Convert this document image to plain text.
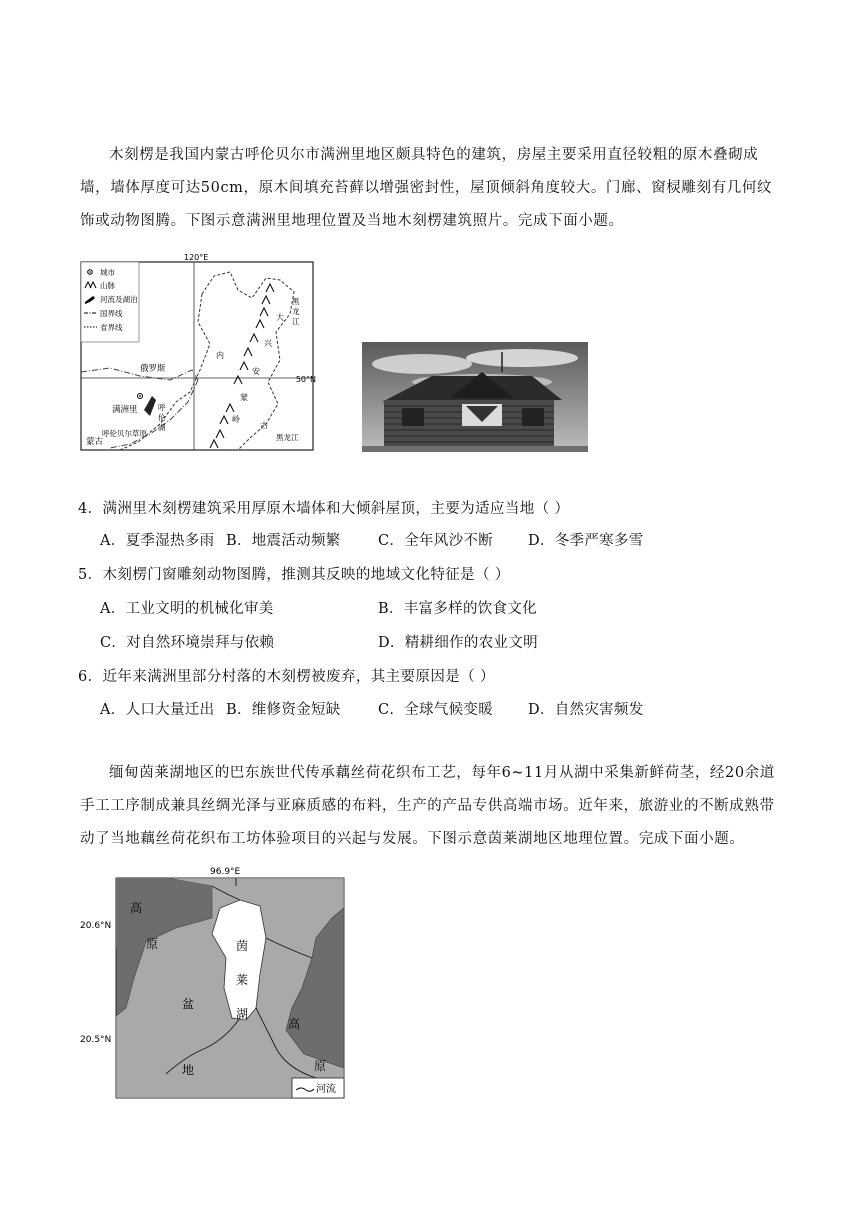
木刻楞是我国内蒙古呼伦贝尔市满洲里地区颇具特色的建筑，房屋主要采用直径较粗的原木叠砌成墙，墙体厚度可达50cm，原木间填充苔藓以增强密封性，屋顶倾斜角度较大。门廊、窗棂雕刻有几何纹饰或动物图腾。下图示意满洲里地理位置及当地木刻楞建筑照片。完成下面小题。
120°E
50°N
城市
山脉
河流及湖泊
国界线
省界线
俄罗斯
满洲里	呼
伦
湖
呼伦贝尔草原
蒙古
黑
龙
江
黑龙江
大
兴
安
岭
内
蒙
古
4．满洲里木刻楞建筑采用厚原木墙体和大倾斜屋顶，主要为适应当地（ ）
A．夏季湿热多雨 B．地震活动频繁	C．全年风沙不断 D．冬季严寒多雪
5．木刻楞门窗雕刻动物图腾，推测其反映的地域文化特征是（ ）
A．工业文明的机械化审美	B．丰富多样的饮食文化
C．对自然环境崇拜与依赖	D．精耕细作的农业文明
6．近年来满洲里部分村落的木刻楞被废弃，其主要原因是（ ）
A．人口大量迁出 B．维修资金短缺	C．全球气候变暖 D．自然灾害频发
缅甸茵莱湖地区的巴东族世代传承藕丝荷花织布工艺，每年6~11月从湖中采集新鲜荷茎，经20余道手工工序制成兼具丝绸光泽与亚麻质感的布料，生产的产品专供高端市场。近年来，旅游业的不断成熟带动了当地藕丝荷花织布工坊体验项目的兴起与发展。下图示意茵莱湖地区地理位置。完成下面小题。
96.9°E
20.6°N
20.5°N
高
原
盆
地
茵
莱
湖
高
原
河流
